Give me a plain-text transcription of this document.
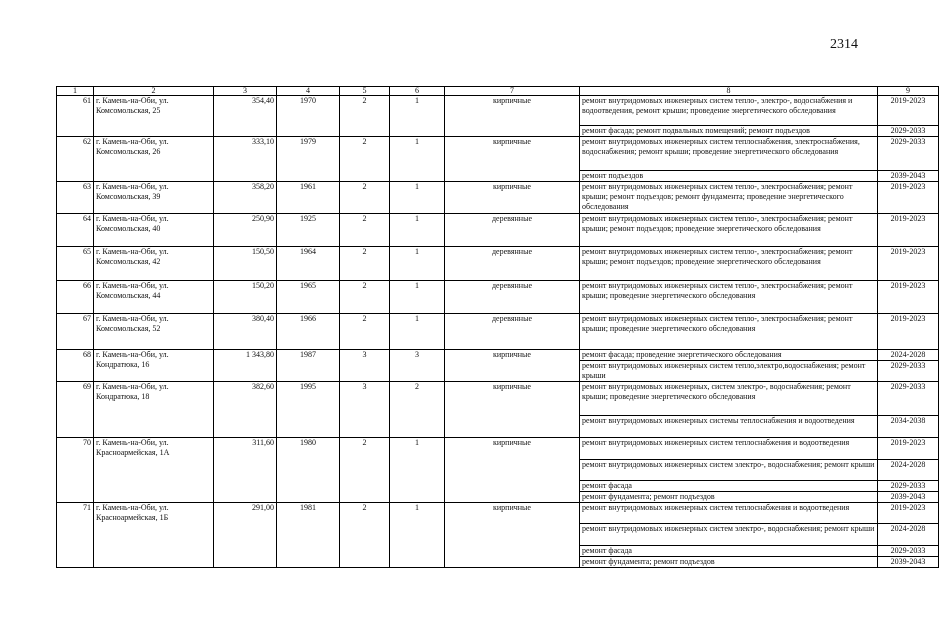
2314
1	2	3	4	5	6	7	8	9
61	г. Камень-на-Оби, ул. Комсомольская, 25	354,40	1970	2	1	кирпичные	ремонт внутридомовых инженерных систем тепло-, электро-, водоснабжения и водоотведения, ремонт крыши; проведение энергетического обследования	2019-2023
							ремонт фасада; ремонт подвальных помещений; ремонт подъездов	2029-2033
62	г. Камень-на-Оби, ул. Комсомольская, 26	333,10	1979	2	1	кирпичные	ремонт внутридомовых инженерных систем теплоснабжения, электроснабжения, водоснабжения; ремонт крыши; проведение энергетического обследования	2029-2033
							ремонт подъездов	2039-2043
63	г. Камень-на-Оби, ул. Комсомольская, 39	358,20	1961	2	1	кирпичные	ремонт внутридомовых инженерных систем тепло-, электроснабжения; ремонт крыши; ремонт подъездов; ремонт фундамента; проведение энергетического обследования	2019-2023
64	г. Камень-на-Оби, ул. Комсомольская, 40	250,90	1925	2	1	деревянные	ремонт внутридомовых инженерных систем тепло-, электроснабжения; ремонт крыши; ремонт подъездов; проведение энергетического обследования	2019-2023
65	г. Камень-на-Оби, ул. Комсомольская, 42	150,50	1964	2	1	деревянные	ремонт внутридомовых инженерных систем тепло-, электроснабжения; ремонт крыши; ремонт подъездов; проведение энергетического обследования	2019-2023
66	г. Камень-на-Оби, ул. Комсомольская, 44	150,20	1965	2	1	деревянные	ремонт внутридомовых инженерных систем тепло-, электроснабжения; ремонт крыши; проведение энергетического обследования	2019-2023
67	г. Камень-на-Оби, ул. Комсомольская, 52	380,40	1966	2	1	деревянные	ремонт внутридомовых инженерных систем тепло-, электроснабжения; ремонт крыши; проведение энергетического обследования	2019-2023
68	г. Камень-на-Оби, ул. Кондратюка, 16	1 343,80	1987	3	3	кирпичные	ремонт фасада; проведение энергетического обследования	2024-2028
							ремонт внутридомовых инженерных систем тепло,электро,водоснабжения; ремонт крыши	2029-2033
69	г. Камень-на-Оби, ул. Кондратюка, 18	382,60	1995	3	2	кирпичные	ремонт внутридомовых инженерных, систем электро-, водоснабжения; ремонт крыши; проведение энергетического обследования	2029-2033
							ремонт внутридомовых инженерных системы теплоснабжения и водоотведения	2034-2038
70	г. Камень-на-Оби, ул. Красноармейская, 1А	311,60	1980	2	1	кирпичные	ремонт внутридомовых инженерных систем теплоснабжения и водоотведения	2019-2023
							ремонт внутридомовых инженерных систем электро-, водоснабжения; ремонт крыши	2024-2028
							ремонт фасада	2029-2033
							ремонт фундамента; ремонт подъездов	2039-2043
71	г. Камень-на-Оби, ул. Красноармейская, 1Б	291,00	1981	2	1	кирпичные	ремонт внутридомовых инженерных систем теплоснабжения и водоотведения	2019-2023
							ремонт внутридомовых инженерных систем электро-, водоснабжения; ремонт крыши	2024-2028
							ремонт фасада	2029-2033
							ремонт фундамента; ремонт подъездов	2039-2043
